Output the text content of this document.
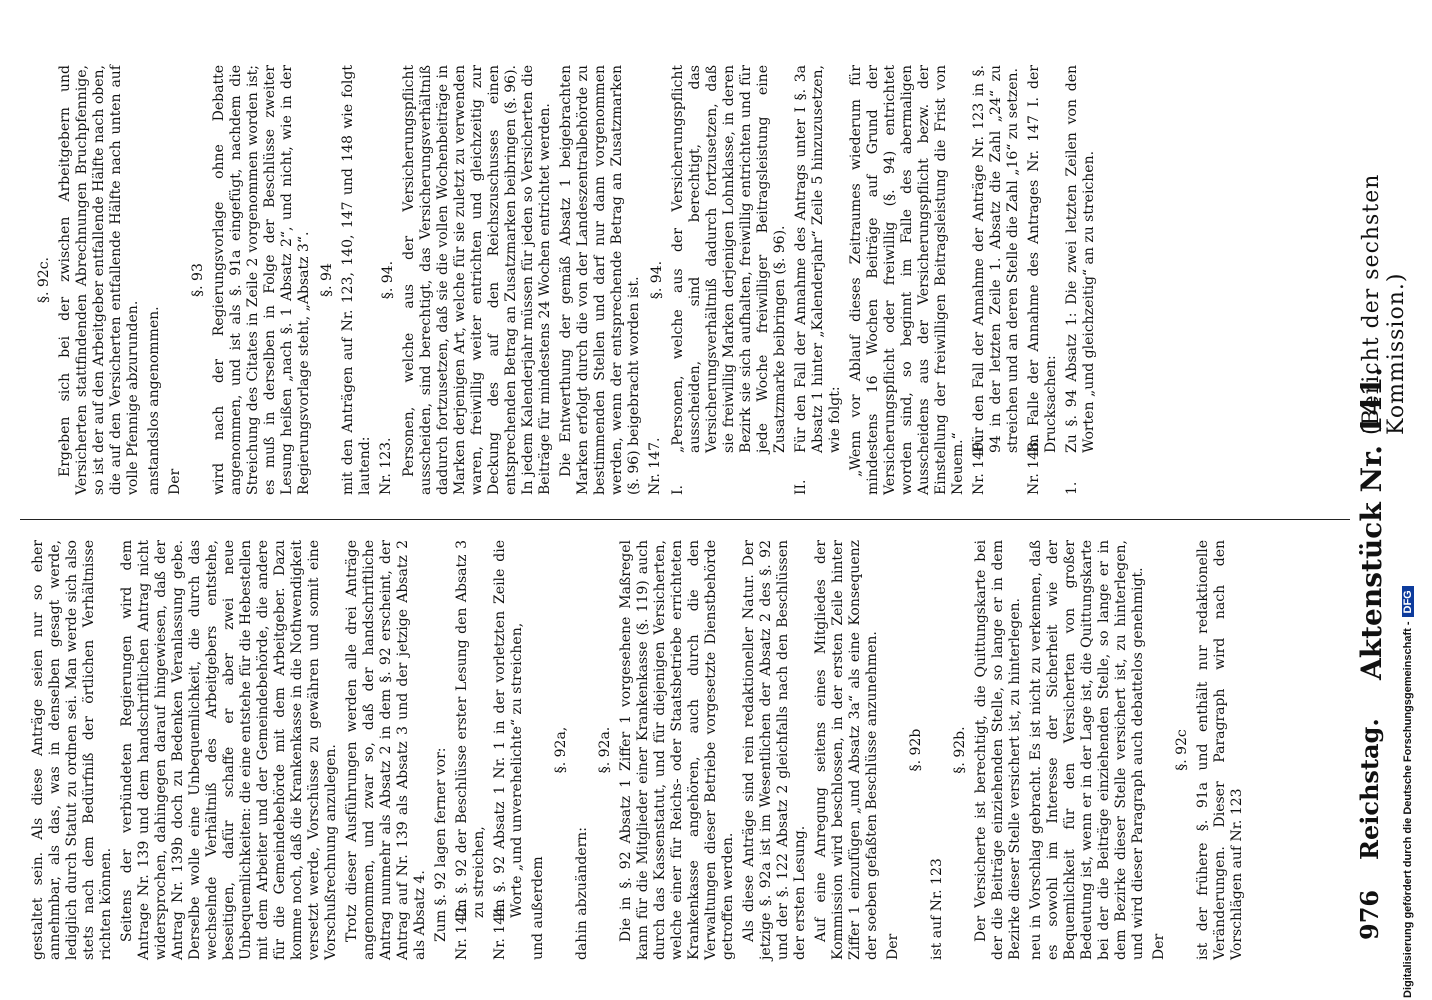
976
Reichstag.
Aktenstück Nr. 141.
(Bericht der sechsten Kommission.)

gestaltet sein. Als diese Anträge seien nur so eher annehmbar, als das, was in denselben gesagt werde, lediglich durch Statut zu ordnen sei. Man werde sich also stets nach dem Bedürfniß der örtlichen Verhältnisse richten können. Seitens der verbündeten Regierungen wird dem Antrage Nr. 139 und dem handschriftlichen Antrag nicht widersprochen, dahingegen darauf hingewiesen, daß der Antrag Nr. 139b doch zu Bedenken Veranlassung gebe. Derselbe wolle eine Unbequemlichkeit, die durch das wechselnde Verhältniß des Arbeitgebers entstehe, beseitigen, dafür schaffe er aber zwei neue Unbequemlichkeiten: die eine entstehe für die Hebestellen mit dem Arbeiter und der Gemeindebehörde, die andere für die Gemeindebehörde mit dem Arbeitgeber. Dazu komme noch, daß die Krankenkasse in die Nothwendigkeit versetzt werde, Vorschüsse zu gewähren und somit eine Vorschußrechnung anzulegen. Trotz dieser Ausführungen werden alle drei Anträge angenommen, und zwar so, daß der handschriftliche Antrag nunmehr als Absatz 2 in dem §. 92 erscheint, der Antrag auf Nr. 139 als Absatz 3 und der jetzige Absatz 2 als Absatz 4. Zum §. 92 lagen ferner vor: Nr. 142.
Im §. 92 der Beschlüsse erster Lesung den Absatz 3 zu streichen,

Nr. 144.
Im §. 92 Absatz 1 Nr. 1 in der vorletzten Zeile die Worte „und unverehelichte“ zu streichen, und außerdem

§. 92a,

dahin abzuändern:

§. 92a. Die in §. 92 Absatz 1 Ziffer 1 vorgesehene Maßregel kann für die Mitglieder einer Krankenkasse (§. 119) auch durch das Kassenstatut, und für diejenigen Versicherten, welche einer für Reichs- oder Staatsbetriebe errichteten Krankenkasse angehören, auch durch die den Verwaltungen dieser Betriebe vorgesetzte Dienstbehörde getroffen werden. Als diese Anträge sind rein redaktioneller Natur. Der jetzige §. 92a ist im Wesentlichen der Absatz 2 des §. 92 und der §. 122 Absatz 2 gleichfalls nach den Beschlüssen der ersten Lesung. Auf eine Anregung seitens eines Mitgliedes der Kommission wird beschlossen, in der ersten Zeile hinter Ziffer 1 einzufügen „und Absatz 3a“ als eine Konsequenz der soeben gefaßten Beschlüsse anzunehmen. Der

§. 92b

ist auf Nr. 123

§. 92b. Der Versicherte ist berechtigt, die Quittungskarte bei der die Beiträge einziehenden Stelle, so lange er in dem Bezirke dieser Stelle versichert ist, zu hinterlegen. neu in Vorschlag gebracht. Es ist nicht zu verkennen, daß es sowohl im Interesse der Sicherheit wie der Bequemlichkeit für den Versicherten von großer Bedeutung ist, wenn er in der Lage ist, die Quittungskarte bei der die Beiträge einziehenden Stelle, so lange er in dem Bezirke dieser Stelle versichert ist, zu hinterlegen, und wird dieser Paragraph auch debattelos genehmigt. Der

§. 92c ist der frühere §. 91a und enthält nur redaktionelle Veränderungen. Dieser Paragraph wird nach den Vorschlägen auf Nr. 123

§. 92c. Ergeben sich bei der zwischen Arbeitgebern und Versicherten stattfindenden Abrechnungen Bruchpfennige, so ist der auf den Arbeitgeber entfallende Hälfte nach oben, die auf den Versicherten entfallende Hälfte nach unten auf volle Pfennige abzurunden. anstandslos angenommen. Der

§. 93 wird nach der Regierungsvorlage ohne Debatte angenommen, und ist als §. 91a eingefügt, nachdem die Streichung des Citates in Zeile 2 vorgenommen worden ist; es muß in derselben in Folge der Beschlüsse zweiter Lesung heißen „nach §. 1 Absatz 2“, und nicht, wie in der Regierungsvorlage steht, „Absatz 3“. §. 94 mit den Anträgen auf Nr. 123, 140, 147 und 148 wie folgt lautend: Nr. 123.

§. 94. Personen, welche aus der Versicherungspflicht ausscheiden, sind berechtigt, das Versicherungsverhältniß dadurch fortzusetzen, daß sie die vollen Wochenbeiträge in Marken derjenigen Art, welche für sie zuletzt zu verwenden waren, freiwillig weiter entrichten und gleichzeitig zur Deckung des auf den Reichszuschusses einen entsprechenden Betrag an Zusatzmarken beibringen (§. 96). In jedem Kalenderjahr müssen für jeden so Versicherten die Beiträge für mindestens 24 Wochen entrichtet werden. Die Entwerthung der gemäß Absatz 1 beigebrachten Marken erfolgt durch die von der Landeszentralbehörde zu bestimmenden Stellen und darf nur dann vorgenommen werden, wenn der entsprechende Betrag an Zusatzmarken (§. 96) beigebracht worden ist. Nr. 147.

§. 94.

I.
„Personen, welche aus der Versicherungspflicht ausscheiden, sind berechtigt, das Versicherungsverhältniß dadurch fortzusetzen, daß sie freiwillig Marken derjenigen Lohnklasse, in deren Bezirk sie sich aufhalten, freiwillig entrichten und für jede Woche freiwilliger Beitragsleistung eine Zusatzmarke beibringen (§. 96).

II.
Für den Fall der Annahme des Antrags unter I §. 3a Absatz 1 hinter „Kalenderjahr“ Zeile 5 hinzuzusetzen, wie folgt: „Wenn vor Ablauf dieses Zeitraumes wiederum für mindestens 16 Wochen Beiträge auf Grund der Versicherungspflicht oder freiwillig (§. 94) entrichtet worden sind, so beginnt im Falle des abermaligen Ausscheidens aus der Versicherungspflicht bezw. der Einstellung der freiwilligen Beitragsleistung die Frist von Neuem.“ Nr. 140.
Für den Fall der Annahme der Anträge Nr. 123 in §. 94 in der letzten Zeile 1. Absatz die Zahl „24“ zu streichen und an deren Stelle die Zahl „16“ zu setzen.

Nr. 148.
Im Falle der Annahme des Antrages Nr. 147 I. der Drucksachen:

1.
Zu §. 94 Absatz 1: Die zwei letzten Zeilen von den Worten „und gleichzeitig“ an zu streichen.

Digitalisierung gefördert durch die Deutsche Forschungsgemeinschaft -DFG
